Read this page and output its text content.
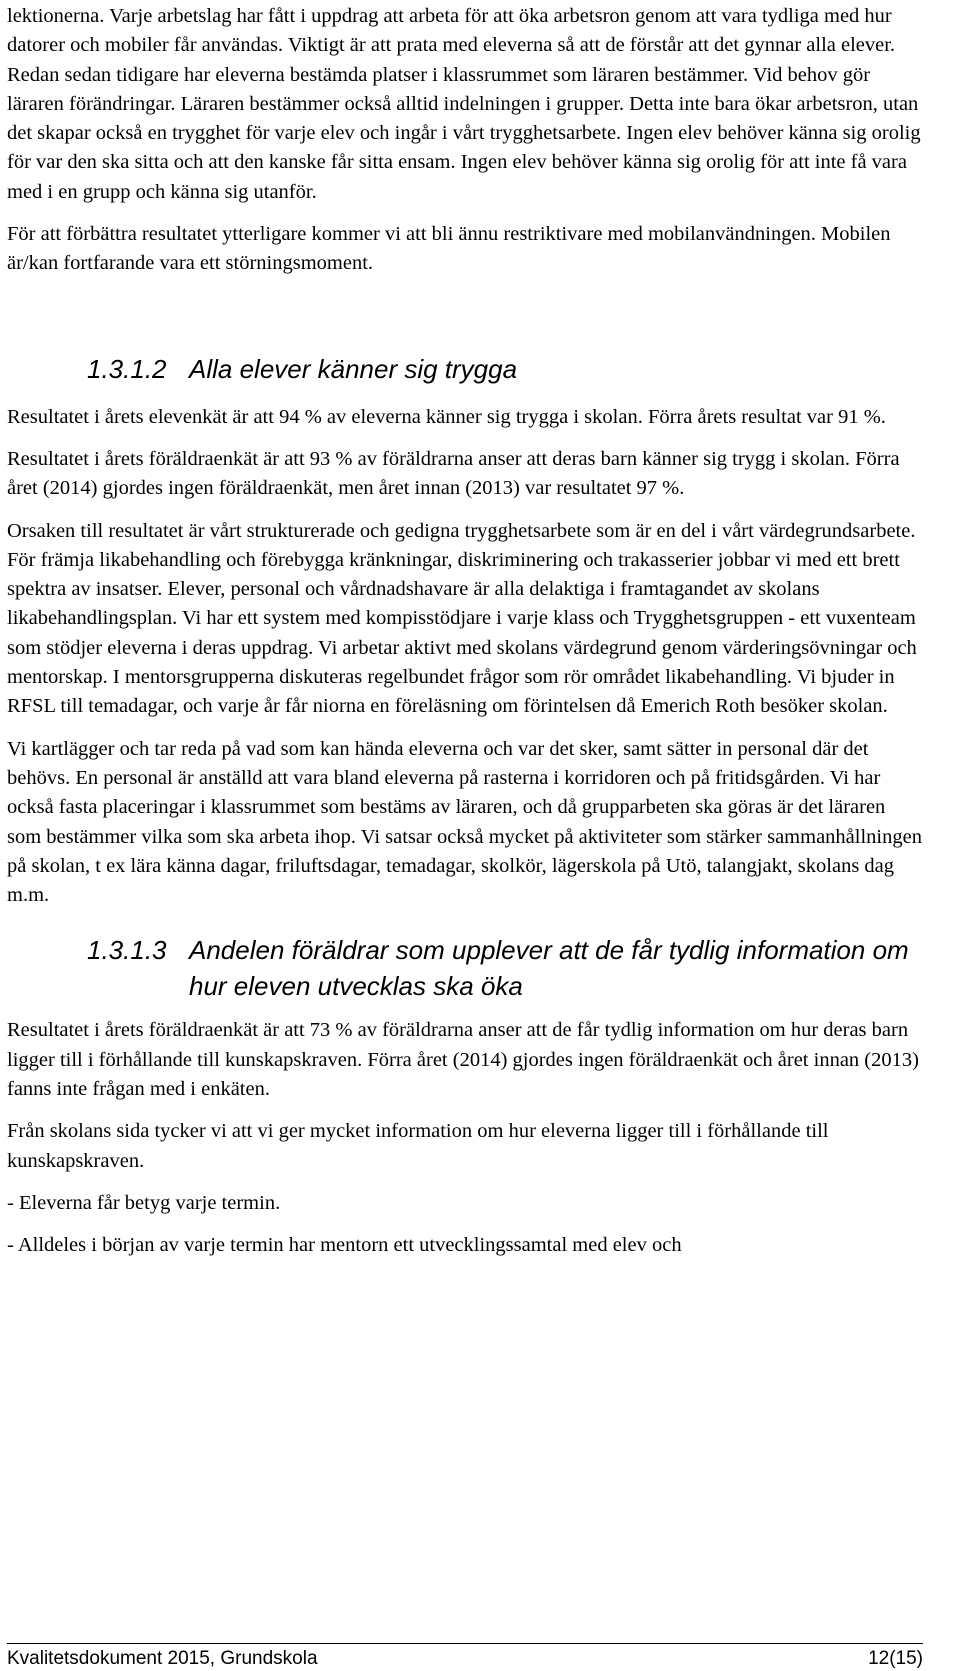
lektionerna. Varje arbetslag har fått i uppdrag att arbeta för att öka arbetsron genom att vara tydliga med hur datorer och mobiler får användas. Viktigt är att prata med eleverna så att de förstår att det gynnar alla elever. Redan sedan tidigare har eleverna bestämda platser i klassrummet som läraren bestämmer. Vid behov gör läraren förändringar. Läraren bestämmer också alltid indelningen i grupper. Detta inte bara ökar arbetsron, utan det skapar också en trygghet för varje elev och ingår i vårt trygghetsarbete. Ingen elev behöver känna sig orolig för var den ska sitta och att den kanske får sitta ensam. Ingen elev behöver känna sig orolig för att inte få vara med i en grupp och känna sig utanför.

För att förbättra resultatet ytterligare kommer vi att bli ännu restriktivare med mobilanvändningen. Mobilen är/kan fortfarande vara ett störningsmoment.

1.3.1.2 Alla elever känner sig trygga

Resultatet i årets elevenkät är att 94 % av eleverna känner sig trygga i skolan. Förra årets resultat var 91 %.

Resultatet i årets föräldraenkät är att 93 % av föräldrarna anser att deras barn känner sig trygg i skolan. Förra året (2014) gjordes ingen föräldraenkät, men året innan (2013) var resultatet 97 %.

Orsaken till resultatet är vårt strukturerade och gedigna trygghetsarbete som är en del i vårt värdegrundsarbete. För främja likabehandling och förebygga kränkningar, diskriminering och trakasserier jobbar vi med ett brett spektra av insatser. Elever, personal och vårdnadshavare är alla delaktiga i framtagandet av skolans likabehandlingsplan. Vi har ett system med kompisstödjare i varje klass och Trygghetsgruppen - ett vuxenteam som stödjer eleverna i deras uppdrag. Vi arbetar aktivt med skolans värdegrund genom värderingsövningar och mentorskap. I mentorsgrupperna diskuteras regelbundet frågor som rör området likabehandling. Vi bjuder in RFSL till temadagar, och varje år får niorna en föreläsning om förintelsen då Emerich Roth besöker skolan.

Vi kartlägger och tar reda på vad som kan hända eleverna och var det sker, samt sätter in personal där det behövs. En personal är anställd att vara bland eleverna på rasterna i korridoren och på fritidsgården. Vi har också fasta placeringar i klassrummet som bestäms av läraren, och då grupparbeten ska göras är det läraren som bestämmer vilka som ska arbeta ihop. Vi satsar också mycket på aktiviteter som stärker sammanhållningen på skolan, t ex lära känna dagar, friluftsdagar, temadagar, skolkör, lägerskola på Utö, talangjakt, skolans dag m.m.

1.3.1.3 Andelen föräldrar som upplever att de får tydlig information om hur eleven utvecklas ska öka

Resultatet i årets föräldraenkät är att 73 % av föräldrarna anser att de får tydlig information om hur deras barn ligger till i förhållande till kunskapskraven. Förra året (2014) gjordes ingen föräldraenkät och året innan (2013) fanns inte frågan med i enkäten.

Från skolans sida tycker vi att vi ger mycket information om hur eleverna ligger till i förhållande till kunskapskraven.

- Eleverna får betyg varje termin.

- Alldeles i början av varje termin har mentorn ett utvecklingssamtal med elev och

Kvalitetsdokument 2015, Grundskola	12(15)
